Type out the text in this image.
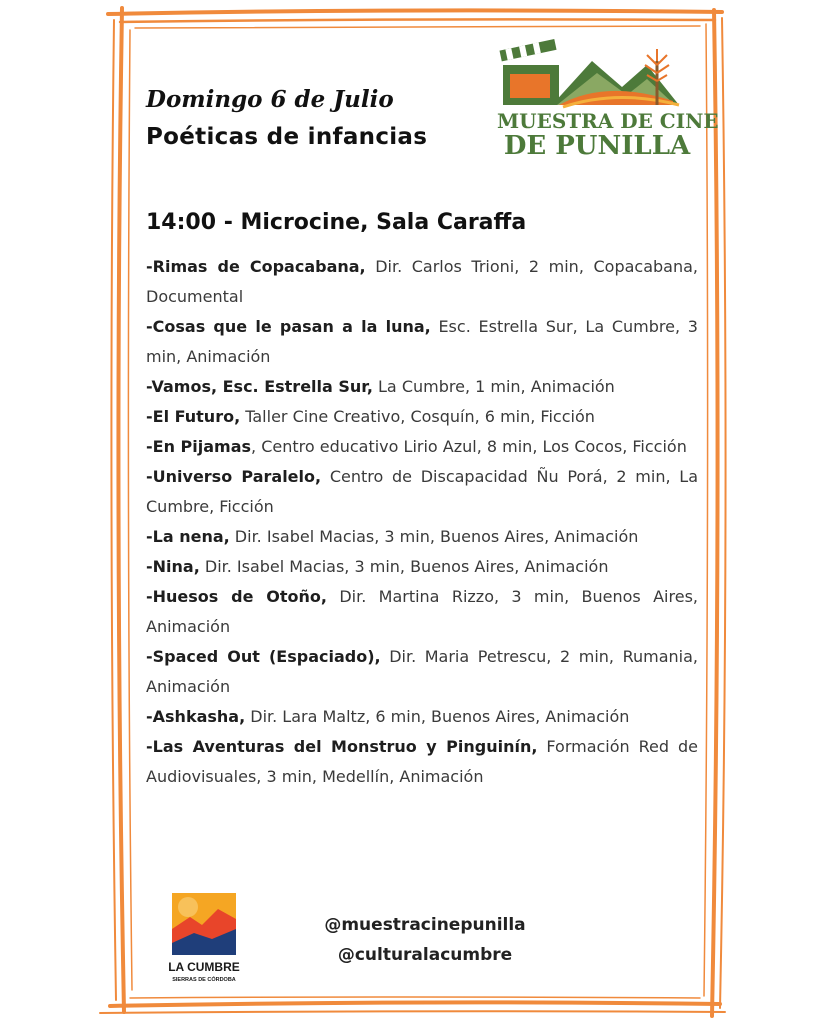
Domingo 6 de Julio
Poéticas de infancias
MUESTRA DE CINE
DE PUNILLA
14:00 - Microcine, Sala Caraffa

-Rimas de Copacabana, Dir. Carlos Trioni, 2 min, Copacabana, Documental

-Cosas que le pasan a la luna, Esc. Estrella Sur, La Cumbre, 3 min, Animación

-Vamos, Esc. Estrella Sur, La Cumbre, 1 min, Animación

-El Futuro, Taller Cine Creativo, Cosquín, 6 min, Ficción

-En Pijamas, Centro educativo Lirio Azul, 8 min, Los Cocos, Ficción

-Universo Paralelo, Centro de Discapacidad Ñu Porá, 2 min, La Cumbre, Ficción

-La nena, Dir. Isabel Macias, 3 min, Buenos Aires, Animación

-Nina, Dir. Isabel Macias, 3 min, Buenos Aires, Animación

-Huesos de Otoño, Dir. Martina Rizzo, 3 min, Buenos Aires, Animación

-Spaced Out (Espaciado), Dir. Maria Petrescu, 2 min, Rumania, Animación

-Ashkasha, Dir. Lara Maltz, 6 min, Buenos Aires, Animación

-Las Aventuras del Monstruo y Pinguinín, Formación Red de Audiovisuales, 3 min, Medellín, Animación

LA CUMBRE
SIERRAS DE CÓRDOBA
@muestracinepunilla
@culturalacumbre
